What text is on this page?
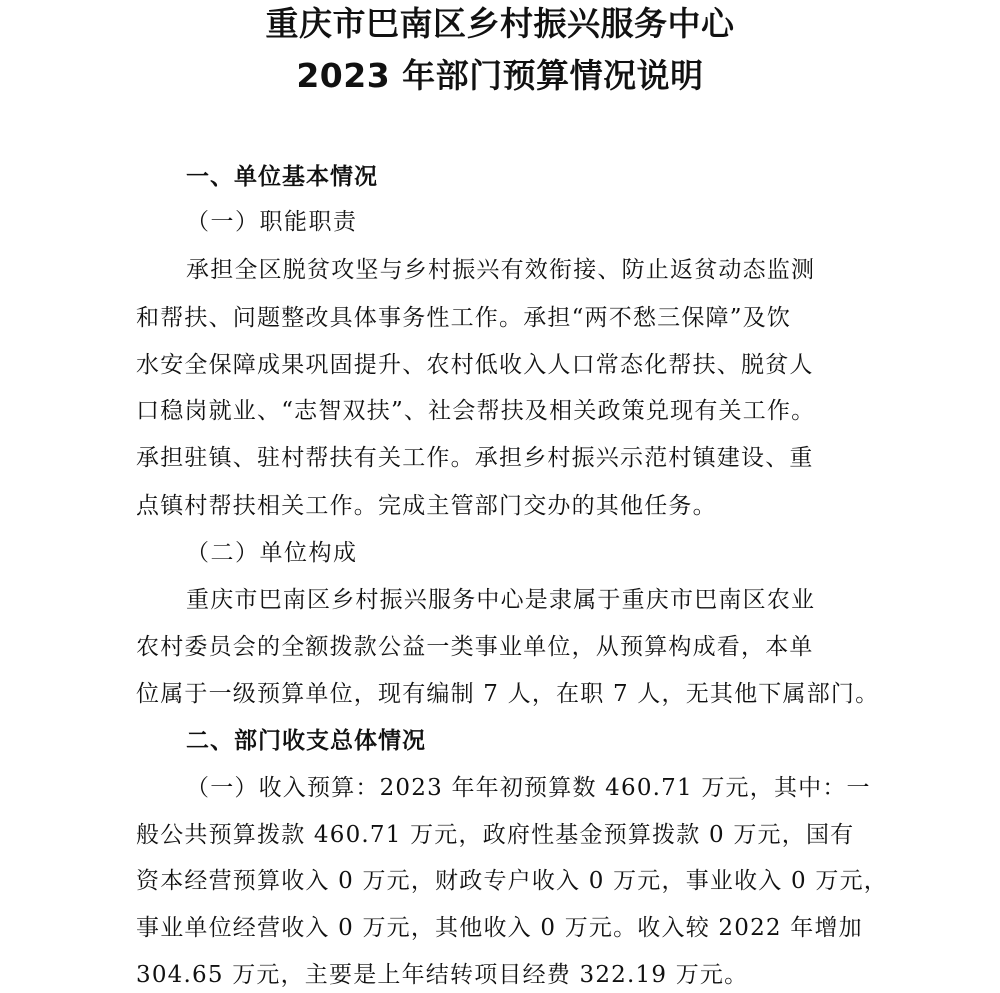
重庆市巴南区乡村振兴服务中心
2023 年部门预算情况说明
一、单位基本情况
（一）职能职责
承担全区脱贫攻坚与乡村振兴有效衔接、防止返贫动态监测
和帮扶、问题整改具体事务性工作。承担“两不愁三保障”及饮
水安全保障成果巩固提升、农村低收入人口常态化帮扶、脱贫人
口稳岗就业、“志智双扶”、社会帮扶及相关政策兑现有关工作。
承担驻镇、驻村帮扶有关工作。承担乡村振兴示范村镇建设、重
点镇村帮扶相关工作。完成主管部门交办的其他任务。
（二）单位构成
重庆市巴南区乡村振兴服务中心是隶属于重庆市巴南区农业
农村委员会的全额拨款公益一类事业单位，从预算构成看，本单
位属于一级预算单位，现有编制 7 人，在职 7 人，无其他下属部门。
二、部门收支总体情况
（一）收入预算：2023 年年初预算数 460.71 万元，其中：一
般公共预算拨款 460.71 万元，政府性基金预算拨款 0 万元，国有
资本经营预算收入 0 万元，财政专户收入 0 万元，事业收入 0 万元，
事业单位经营收入 0 万元，其他收入 0 万元。收入较 2022 年增加
304.65 万元，主要是上年结转项目经费 322.19 万元。
